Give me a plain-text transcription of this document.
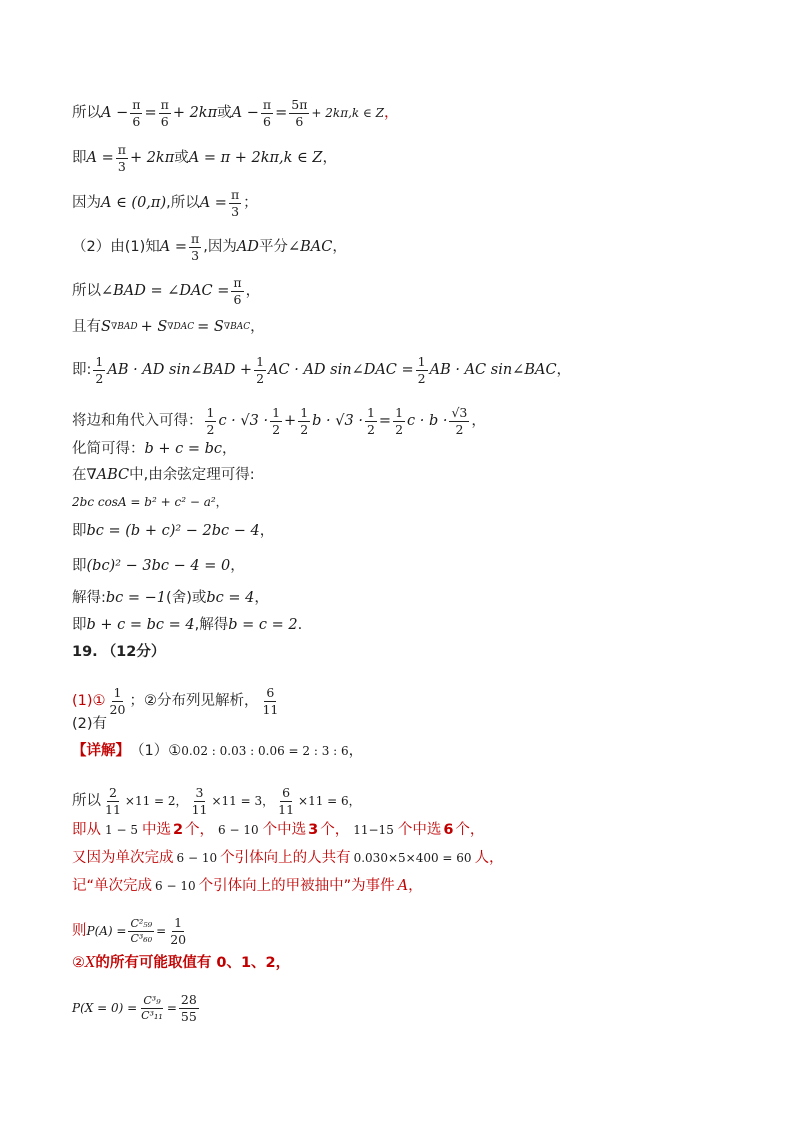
所以 $A - \frac{\pi}{6} = \frac{\pi}{6} + 2k\pi$ 或 $A - \frac{\pi}{6} = \frac{5\pi}{6} + 2k\pi,k$ ∈ Z ，
即 $A = \frac{\pi}{3} + 2k\pi$ 或 A = π + 2kπ,k ∈ Z ，
因为 A ∈ (0,π) ,所以 $A = \frac{\pi}{3}$ ；
（2）由(1)知 $A = \frac{\pi}{3}$ ,因为 AD 平分 ∠BAC ，
所以 ∠BAD = ∠DAC = $\frac{\pi}{6}$ ，
且有 S ∇BAD + S ∇DAC = S ∇BAC ，
即: $\frac{1}{2}$ AB · AD sin∠BAD + $\frac{1}{2}$ AC · AD sin∠DAC = $\frac{1}{2}$ AB · AC sin∠BAC ，
将边和角代入可得： $\frac{1}{2}$ $c \cdot √3 \cdot \frac{1}{2} + \frac{1}{2}$ $b \cdot √3 \cdot \frac{1}{2} = \frac{1}{2}$ $c \cdot b \cdot \frac{√3}{2}$ ，
化简可得： b + c = bc ，
在 ∇ABC 中,由余弦定理可得:
2bc cosA = b² + c² − a² ，
即 bc = (b + c)² − 2bc − 4 ，
即 (bc)² − 3bc − 4 = 0 ，
解得: bc = −1 (舍)或 bc = 4 ，
即 b + c = bc = 4 ,解得 b = c = 2 .
19. （12分）
(1)① $\frac{1}{20}$ ；②分布列见解析， $\frac{6}{11}$
(2)有
【详解】 （1）① 0.02 : 0.03 : 0.06 = 2 : 3 : 6 ，
所以 $\frac{2}{11} \times 11 = 2$， $\frac{3}{11} \times 11 = 3$， $\frac{6}{11} \times 11 = 6$，
即从 1 − 5 中选 2 个， 6 − 10 个中选 3 个， 11−15 个中选 6 个，
又因为单次完成 6 − 10 个引体向上的人共有 0.030×5×400 = 60 人，
记“单次完成 6 − 10 个引体向上的甲被抽中”为事件 A ，
则 $P(A) = \frac{\text{C²₅₉}}{\text{C³₆₀}} = \frac{1}{20}$
② X 的所有可能取值有 0、1、2，
$P(X = 0) = \frac{\text{C³₉}}{\text{C³₁₁}} = \frac{28}{55}$
